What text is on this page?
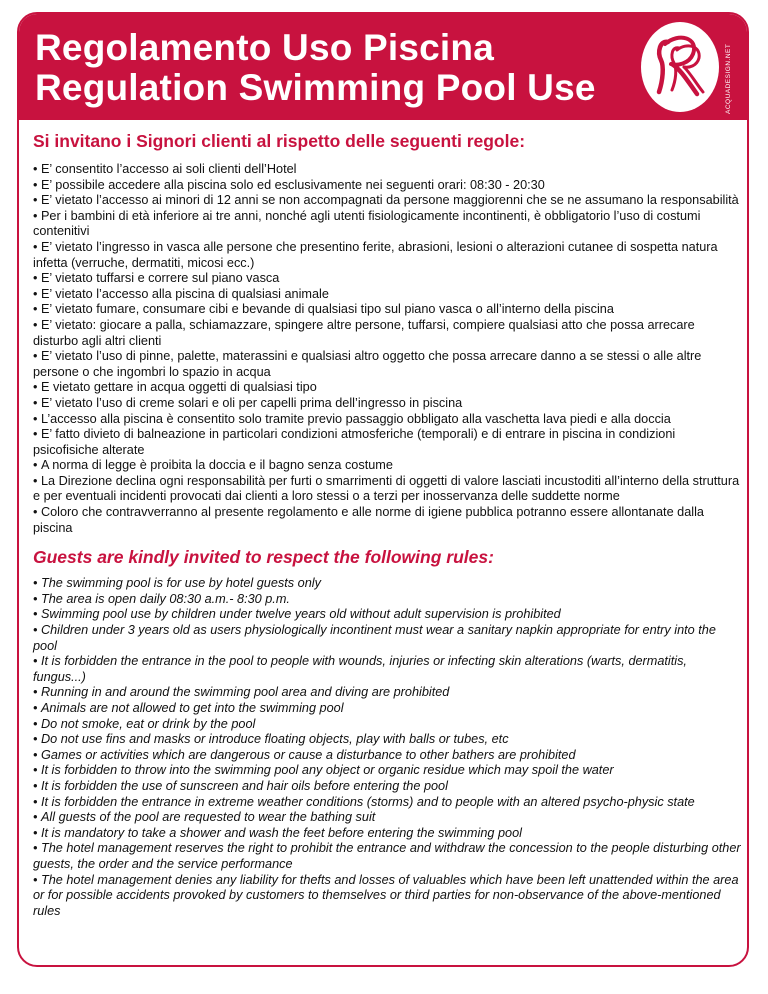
Regolamento Uso Piscina
Regulation Swimming Pool Use	ACQUADESIGN.NET
Si invitano i Signori clienti al rispetto delle seguenti regole:
• E’ consentito l’accesso ai soli clienti dell’Hotel
• E’ possibile accedere alla piscina solo ed esclusivamente nei seguenti orari: 08:30 - 20:30
• E’ vietato l’accesso ai minori di 12 anni se non accompagnati da persone maggiorenni che se ne assumano la responsabilità
• Per i bambini di età inferiore ai tre anni, nonché agli utenti fisiologicamente incontinenti, è obbligatorio l’uso di costumi contenitivi
• E’ vietato l’ingresso in vasca alle persone che presentino ferite, abrasioni, lesioni o alterazioni cutanee di sospetta natura infetta (verruche, dermatiti, micosi ecc.)
• E’ vietato tuffarsi e correre sul piano vasca
• E’ vietato l’accesso alla piscina di qualsiasi animale
• E’ vietato fumare, consumare cibi e bevande di qualsiasi tipo sul piano vasca o all’interno della piscina
• E’ vietato: giocare a palla, schiamazzare, spingere altre persone, tuffarsi, compiere qualsiasi atto che possa arrecare disturbo agli altri clienti
• E’ vietato l’uso di pinne, palette, materassini e qualsiasi altro oggetto che possa arrecare danno a se stessi o alle altre persone o che ingombri lo spazio in acqua
• E vietato gettare in acqua oggetti di qualsiasi tipo
• E’ vietato l’uso di creme solari e oli per capelli prima dell’ingresso in piscina
• L’accesso alla piscina è consentito solo tramite previo passaggio obbligato alla vaschetta lava piedi e alla doccia
• E’ fatto divieto di balneazione in particolari condizioni atmosferiche (temporali) e di entrare in piscina in condizioni psicofisiche alterate
• A norma di legge è proibita la doccia e il bagno senza costume
• La Direzione declina ogni responsabilità per furti o smarrimenti di oggetti di valore lasciati incustoditi all’interno della struttura e per eventuali incidenti provocati dai clienti a loro stessi o a terzi per inosservanza delle suddette norme
• Coloro che contravverranno al presente regolamento e alle norme di igiene pubblica potranno essere allontanate dalla piscina
Guests are kindly invited to respect the following rules:
• The swimming pool is for use by hotel guests only
• The area is open daily 08:30 a.m.- 8:30 p.m.
• Swimming pool use by children under twelve years old without adult supervision is prohibited
• Children under 3 years old as users physiologically incontinent must wear a sanitary napkin appropriate for entry into the pool
• It is forbidden the entrance in the pool to people with wounds, injuries or infecting skin alterations (warts, dermatitis, fungus...)
• Running in and around the swimming pool area and diving are prohibited
• Animals are not allowed to get into the swimming pool
• Do not smoke, eat or drink by the pool
• Do not use fins and masks or introduce floating objects, play with balls or tubes, etc
• Games or activities which are dangerous or cause a disturbance to other bathers are prohibited
• It is forbidden to throw into the swimming pool any object or organic residue which may spoil the water
• It is forbidden the use of sunscreen and hair oils before entering the pool
• It is forbidden the entrance in extreme weather conditions (storms) and to people with an altered psycho-physic state
• All guests of the pool are requested to wear the bathing suit
• It is mandatory to take a shower and wash the feet before entering the swimming pool
• The hotel management reserves the right to prohibit the entrance and withdraw the concession to the people disturbing other guests, the order and the service performance
• The hotel management denies any liability for thefts and losses of valuables which have been left unattended within the area or for possible accidents provoked by customers to themselves or third parties for non-observance of the above-mentioned rules
